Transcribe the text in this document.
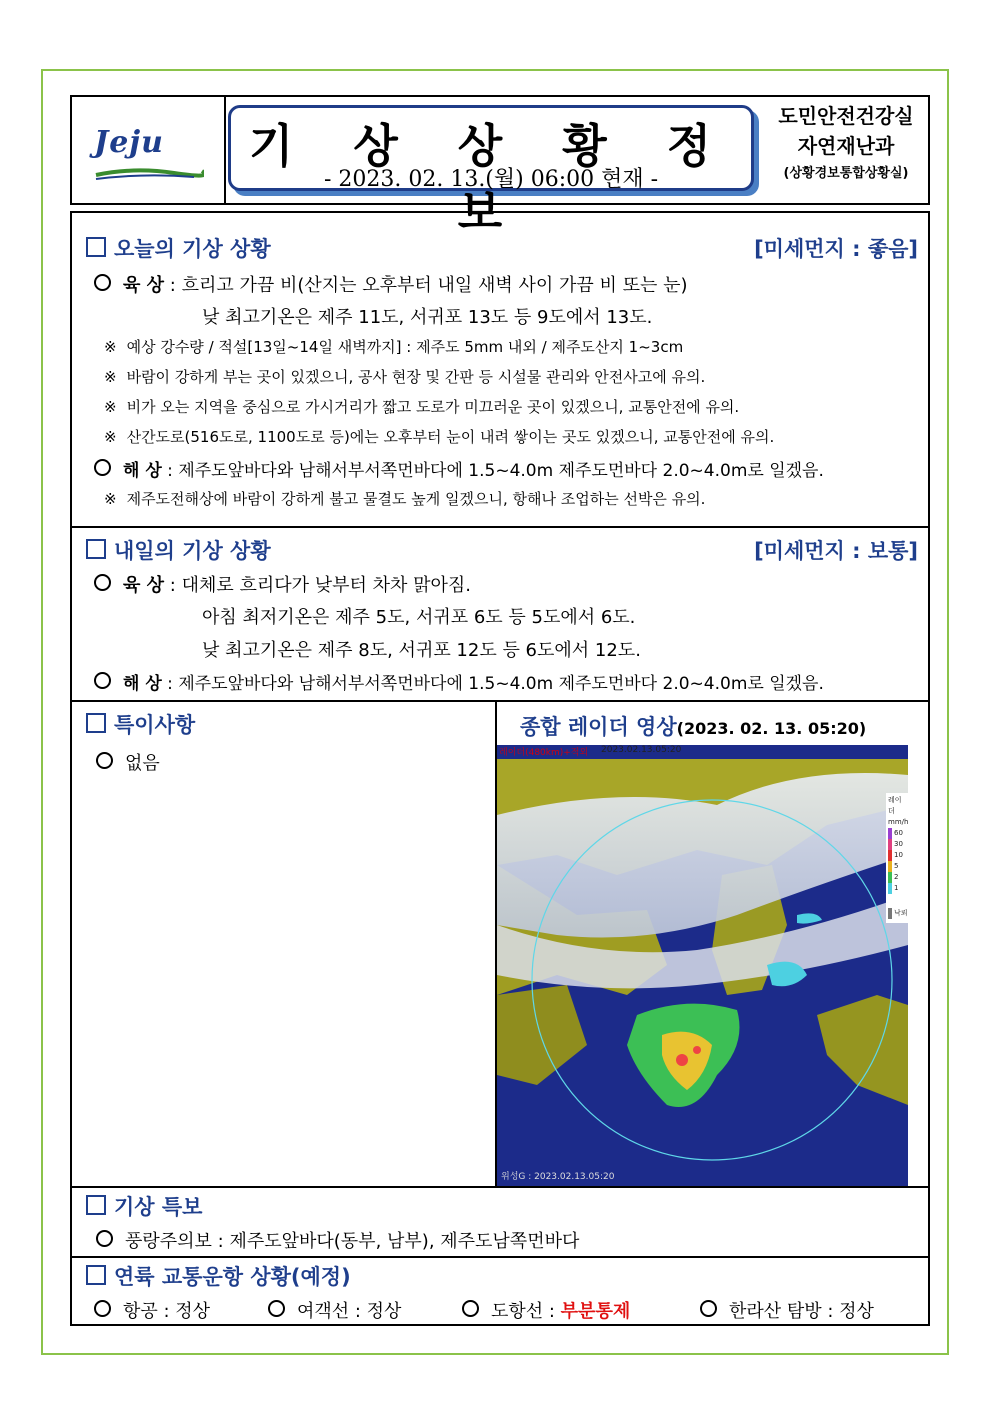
Jeju	기 상 상 황 정 보
- 2023. 02. 13.(월) 06:00 현재 -
도민안전건강실
자연재난과
(상황경보통합상황실)
오늘의 기상 상황	[미세먼지 : 좋음]
육 상 : 흐리고 가끔 비(산지는 오후부터 내일 새벽 사이 가끔 비 또는 눈)
낮 최고기온은 제주 11도, 서귀포 13도 등 9도에서 13도.
※ 예상 강수량 / 적설[13일~14일 새벽까지] : 제주도 5mm 내외 / 제주도산지 1~3cm
※ 바람이 강하게 부는 곳이 있겠으니, 공사 현장 및 간판 등 시설물 관리와 안전사고에 유의.
※ 비가 오는 지역을 중심으로 가시거리가 짧고 도로가 미끄러운 곳이 있겠으니, 교통안전에 유의.
※ 산간도로(516도로, 1100도로 등)에는 오후부터 눈이 내려 쌓이는 곳도 있겠으니, 교통안전에 유의.
해 상 : 제주도앞바다와 남해서부서쪽먼바다에 1.5~4.0m 제주도먼바다 2.0~4.0m로 일겠음.
※ 제주도전해상에 바람이 강하게 불고 물결도 높게 일겠으니, 항해나 조업하는 선박은 유의.
내일의 기상 상황	[미세먼지 : 보통]
육 상 : 대체로 흐리다가 낮부터 차차 맑아짐.
아침 최저기온은 제주 5도, 서귀포 6도 등 5도에서 6도.
낮 최고기온은 제주 8도, 서귀포 12도 등 6도에서 12도.
해 상 : 제주도앞바다와 남해서부서쪽먼바다에 1.5~4.0m 제주도먼바다 2.0~4.0m로 일겠음.
특이사항
없음
종합 레이더 영상(2023. 02. 13. 05:20)
레이더(480km)+적외 2023.02.13.05:20
위성G : 2023.02.13.05:20
레이더
mm/h
60
30
10
5
2
1
낙뢰
기상 특보
풍랑주의보 : 제주도앞바다(동부, 남부), 제주도남쪽먼바다
연륙 교통운항 상황(예정)
항공 : 정상	여객선 : 정상	도항선 : 부분통제	한라산 탐방 : 정상
